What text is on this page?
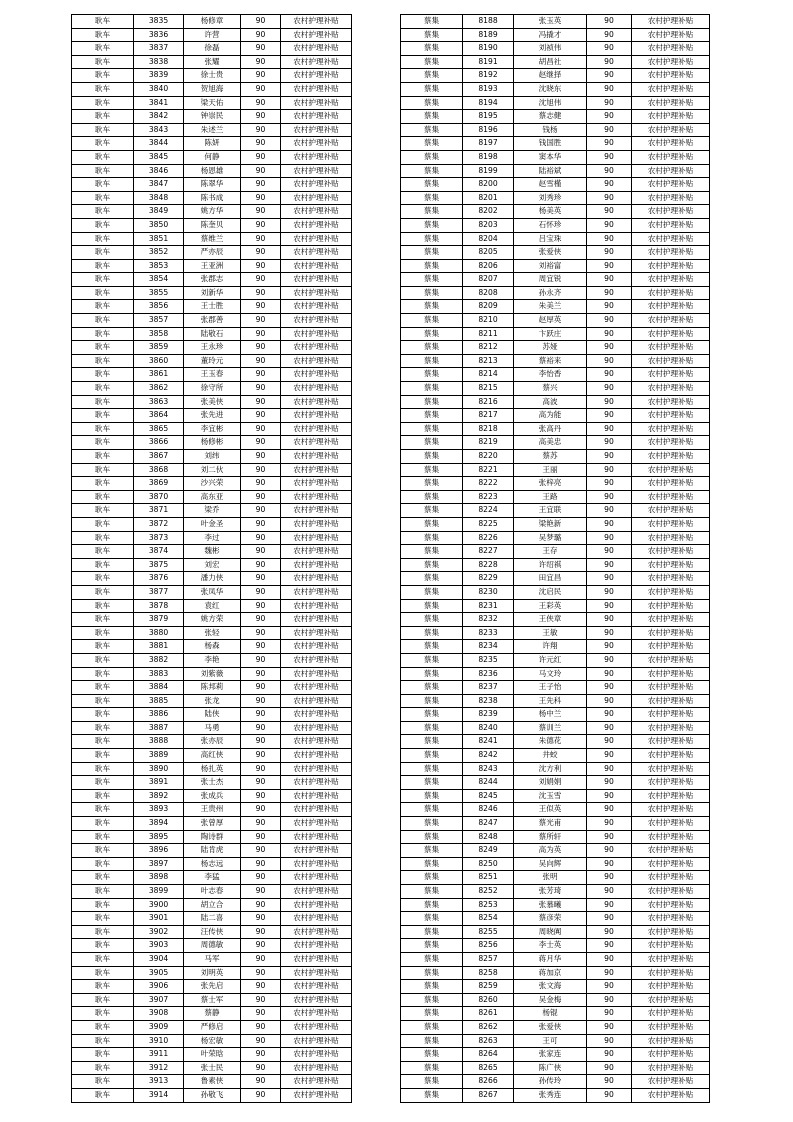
耿车	3835	杨修章	90	农村护理补贴
耿车	3836	许营	90	农村护理补贴
耿车	3837	徐磊	90	农村护理补贴
耿车	3838	张耀	90	农村护理补贴
耿车	3839	徐士贵	90	农村护理补贴
耿车	3840	贺旭海	90	农村护理补贴
耿车	3841	梁天佑	90	农村护理补贴
耿车	3842	钟崇民	90	农村护理补贴
耿车	3843	朱述兰	90	农村护理补贴
耿车	3844	陈妍	90	农村护理补贴
耿车	3845	何静	90	农村护理补贴
耿车	3846	杨恩雄	90	农村护理补贴
耿车	3847	陈翠华	90	农村护理补贴
耿车	3848	陈书成	90	农村护理补贴
耿车	3849	姚方华	90	农村护理补贴
耿车	3850	陈奎贝	90	农村护理补贴
耿车	3851	蔡维兰	90	农村护理补贴
耿车	3852	严亦辰	90	农村护理补贴
耿车	3853	王亚洲	90	农村护理补贴
耿车	3854	张郡志	90	农村护理补贴
耿车	3855	刘新华	90	农村护理补贴
耿车	3856	王士胜	90	农村护理补贴
耿车	3857	张郡善	90	农村护理补贴
耿车	3858	陆敬石	90	农村护理补贴
耿车	3859	王永珍	90	农村护理补贴
耿车	3860	董玲元	90	农村护理补贴
耿车	3861	王玉春	90	农村护理补贴
耿车	3862	徐守所	90	农村护理补贴
耿车	3863	张美侠	90	农村护理补贴
耿车	3864	张先进	90	农村护理补贴
耿车	3865	李宜彬	90	农村护理补贴
耿车	3866	杨修彬	90	农村护理补贴
耿车	3867	刘纬	90	农村护理补贴
耿车	3868	刘二伙	90	农村护理补贴
耿车	3869	沙兴荣	90	农村护理补贴
耿车	3870	高东亚	90	农村护理补贴
耿车	3871	梁乔	90	农村护理补贴
耿车	3872	叶金圣	90	农村护理补贴
耿车	3873	李过	90	农村护理补贴
耿车	3874	魏彬	90	农村护理补贴
耿车	3875	刘宏	90	农村护理补贴
耿车	3876	潘力侠	90	农村护理补贴
耿车	3877	张凤华	90	农村护理补贴
耿车	3878	袁红	90	农村护理补贴
耿车	3879	姚方荣	90	农村护理补贴
耿车	3880	张轻	90	农村护理补贴
耿车	3881	杨森	90	农村护理补贴
耿车	3882	李艳	90	农村护理补贴
耿车	3883	刘紫薇	90	农村护理补贴
耿车	3884	陈邦莉	90	农村护理补贴
耿车	3885	张龙	90	农村护理补贴
耿车	3886	陆侠	90	农村护理补贴
耿车	3887	马勇	90	农村护理补贴
耿车	3888	张亦辰	90	农村护理补贴
耿车	3889	高红侠	90	农村护理补贴
耿车	3890	杨扎英	90	农村护理补贴
耿车	3891	张士杰	90	农村护理补贴
耿车	3892	张成兵	90	农村护理补贴
耿车	3893	王贵州	90	农村护理补贴
耿车	3894	张曾厚	90	农村护理补贴
耿车	3895	陶诗群	90	农村护理补贴
耿车	3896	陆肯虎	90	农村护理补贴
耿车	3897	杨志远	90	农村护理补贴
耿车	3898	李猛	90	农村护理补贴
耿车	3899	叶志春	90	农村护理补贴
耿车	3900	胡立合	90	农村护理补贴
耿车	3901	陆二喜	90	农村护理补贴
耿车	3902	汪传侠	90	农村护理补贴
耿车	3903	周德敏	90	农村护理补贴
耿车	3904	马军	90	农村护理补贴
耿车	3905	刘明英	90	农村护理补贴
耿车	3906	张先启	90	农村护理补贴
耿车	3907	蔡士军	90	农村护理补贴
耿车	3908	蔡静	90	农村护理补贴
耿车	3909	严修启	90	农村护理补贴
耿车	3910	杨宏敏	90	农村护理补贴
耿车	3911	叶荣晗	90	农村护理补贴
耿车	3912	张士民	90	农村护理补贴
耿车	3913	鲁素侠	90	农村护理补贴
耿车	3914	孙敬飞	90	农村护理补贴
蔡集	8188	张玉英	90	农村护理补贴
蔡集	8189	冯撬才	90	农村护理补贴
蔡集	8190	刘祯伟	90	农村护理补贴
蔡集	8191	胡昌社	90	农村护理补贴
蔡集	8192	赵继择	90	农村护理补贴
蔡集	8193	沈晓东	90	农村护理补贴
蔡集	8194	沈旭伟	90	农村护理补贴
蔡集	8195	蔡志健	90	农村护理补贴
蔡集	8196	钱杨	90	农村护理补贴
蔡集	8197	钱国胜	90	农村护理补贴
蔡集	8198	窦本华	90	农村护理补贴
蔡集	8199	陆裕斌	90	农村护理补贴
蔡集	8200	赵雪槿	90	农村护理补贴
蔡集	8201	刘秀珍	90	农村护理补贴
蔡集	8202	杨美英	90	农村护理补贴
蔡集	8203	石怀珍	90	农村护理补贴
蔡集	8204	吕宝珠	90	农村护理补贴
蔡集	8205	张爱侠	90	农村护理补贴
蔡集	8206	刘裕富	90	农村护理补贴
蔡集	8207	周宜锐	90	农村护理补贴
蔡集	8208	孙永齐	90	农村护理补贴
蔡集	8209	朱美兰	90	农村护理补贴
蔡集	8210	赵厚英	90	农村护理补贴
蔡集	8211	卞跃庄	90	农村护理补贴
蔡集	8212	苏娅	90	农村护理补贴
蔡集	8213	蔡裕来	90	农村护理补贴
蔡集	8214	李怡香	90	农村护理补贴
蔡集	8215	蔡兴	90	农村护理补贴
蔡集	8216	高波	90	农村护理补贴
蔡集	8217	高为能	90	农村护理补贴
蔡集	8218	张高丹	90	农村护理补贴
蔡集	8219	高美忠	90	农村护理补贴
蔡集	8220	蔡苏	90	农村护理补贴
蔡集	8221	王丽	90	农村护理补贴
蔡集	8222	张梓亮	90	农村护理补贴
蔡集	8223	王路	90	农村护理补贴
蔡集	8224	王宜联	90	农村护理补贴
蔡集	8225	梁艳新	90	农村护理补贴
蔡集	8226	吴梦璐	90	农村护理补贴
蔡集	8227	王存	90	农村护理补贴
蔡集	8228	许绍祺	90	农村护理补贴
蔡集	8229	田宜昌	90	农村护理补贴
蔡集	8230	沈启民	90	农村护理补贴
蔡集	8231	王彩英	90	农村护理补贴
蔡集	8232	王侠章	90	农村护理补贴
蔡集	8233	王敏	90	农村护理补贴
蔡集	8234	许翔	90	农村护理补贴
蔡集	8235	许元红	90	农村护理补贴
蔡集	8236	马文玲	90	农村护理补贴
蔡集	8237	王子怡	90	农村护理补贴
蔡集	8238	王先科	90	农村护理补贴
蔡集	8239	杨中兰	90	农村护理补贴
蔡集	8240	蔡训兰	90	农村护理补贴
蔡集	8241	朱德花	90	农村护理补贴
蔡集	8242	井蛟	90	农村护理补贴
蔡集	8243	沈方利	90	农村护理补贴
蔡集	8244	刘娟娟	90	农村护理补贴
蔡集	8245	沈玉雪	90	农村护理补贴
蔡集	8246	王似英	90	农村护理补贴
蔡集	8247	蔡光甫	90	农村护理补贴
蔡集	8248	蔡所轩	90	农村护理补贴
蔡集	8249	高为英	90	农村护理补贴
蔡集	8250	吴向辉	90	农村护理补贴
蔡集	8251	张明	90	农村护理补贴
蔡集	8252	张芳琦	90	农村护理补贴
蔡集	8253	张慕曦	90	农村护理补贴
蔡集	8254	蔡彦荣	90	农村护理补贴
蔡集	8255	周晓阗	90	农村护理补贴
蔡集	8256	李士英	90	农村护理补贴
蔡集	8257	蒋月华	90	农村护理补贴
蔡集	8258	蒋加京	90	农村护理补贴
蔡集	8259	张文海	90	农村护理补贴
蔡集	8260	吴金梅	90	农村护理补贴
蔡集	8261	杨锟	90	农村护理补贴
蔡集	8262	张爱侠	90	农村护理补贴
蔡集	8263	王可	90	农村护理补贴
蔡集	8264	张家连	90	农村护理补贴
蔡集	8265	陈广侠	90	农村护理补贴
蔡集	8266	孙传玲	90	农村护理补贴
蔡集	8267	张秀连	90	农村护理补贴
